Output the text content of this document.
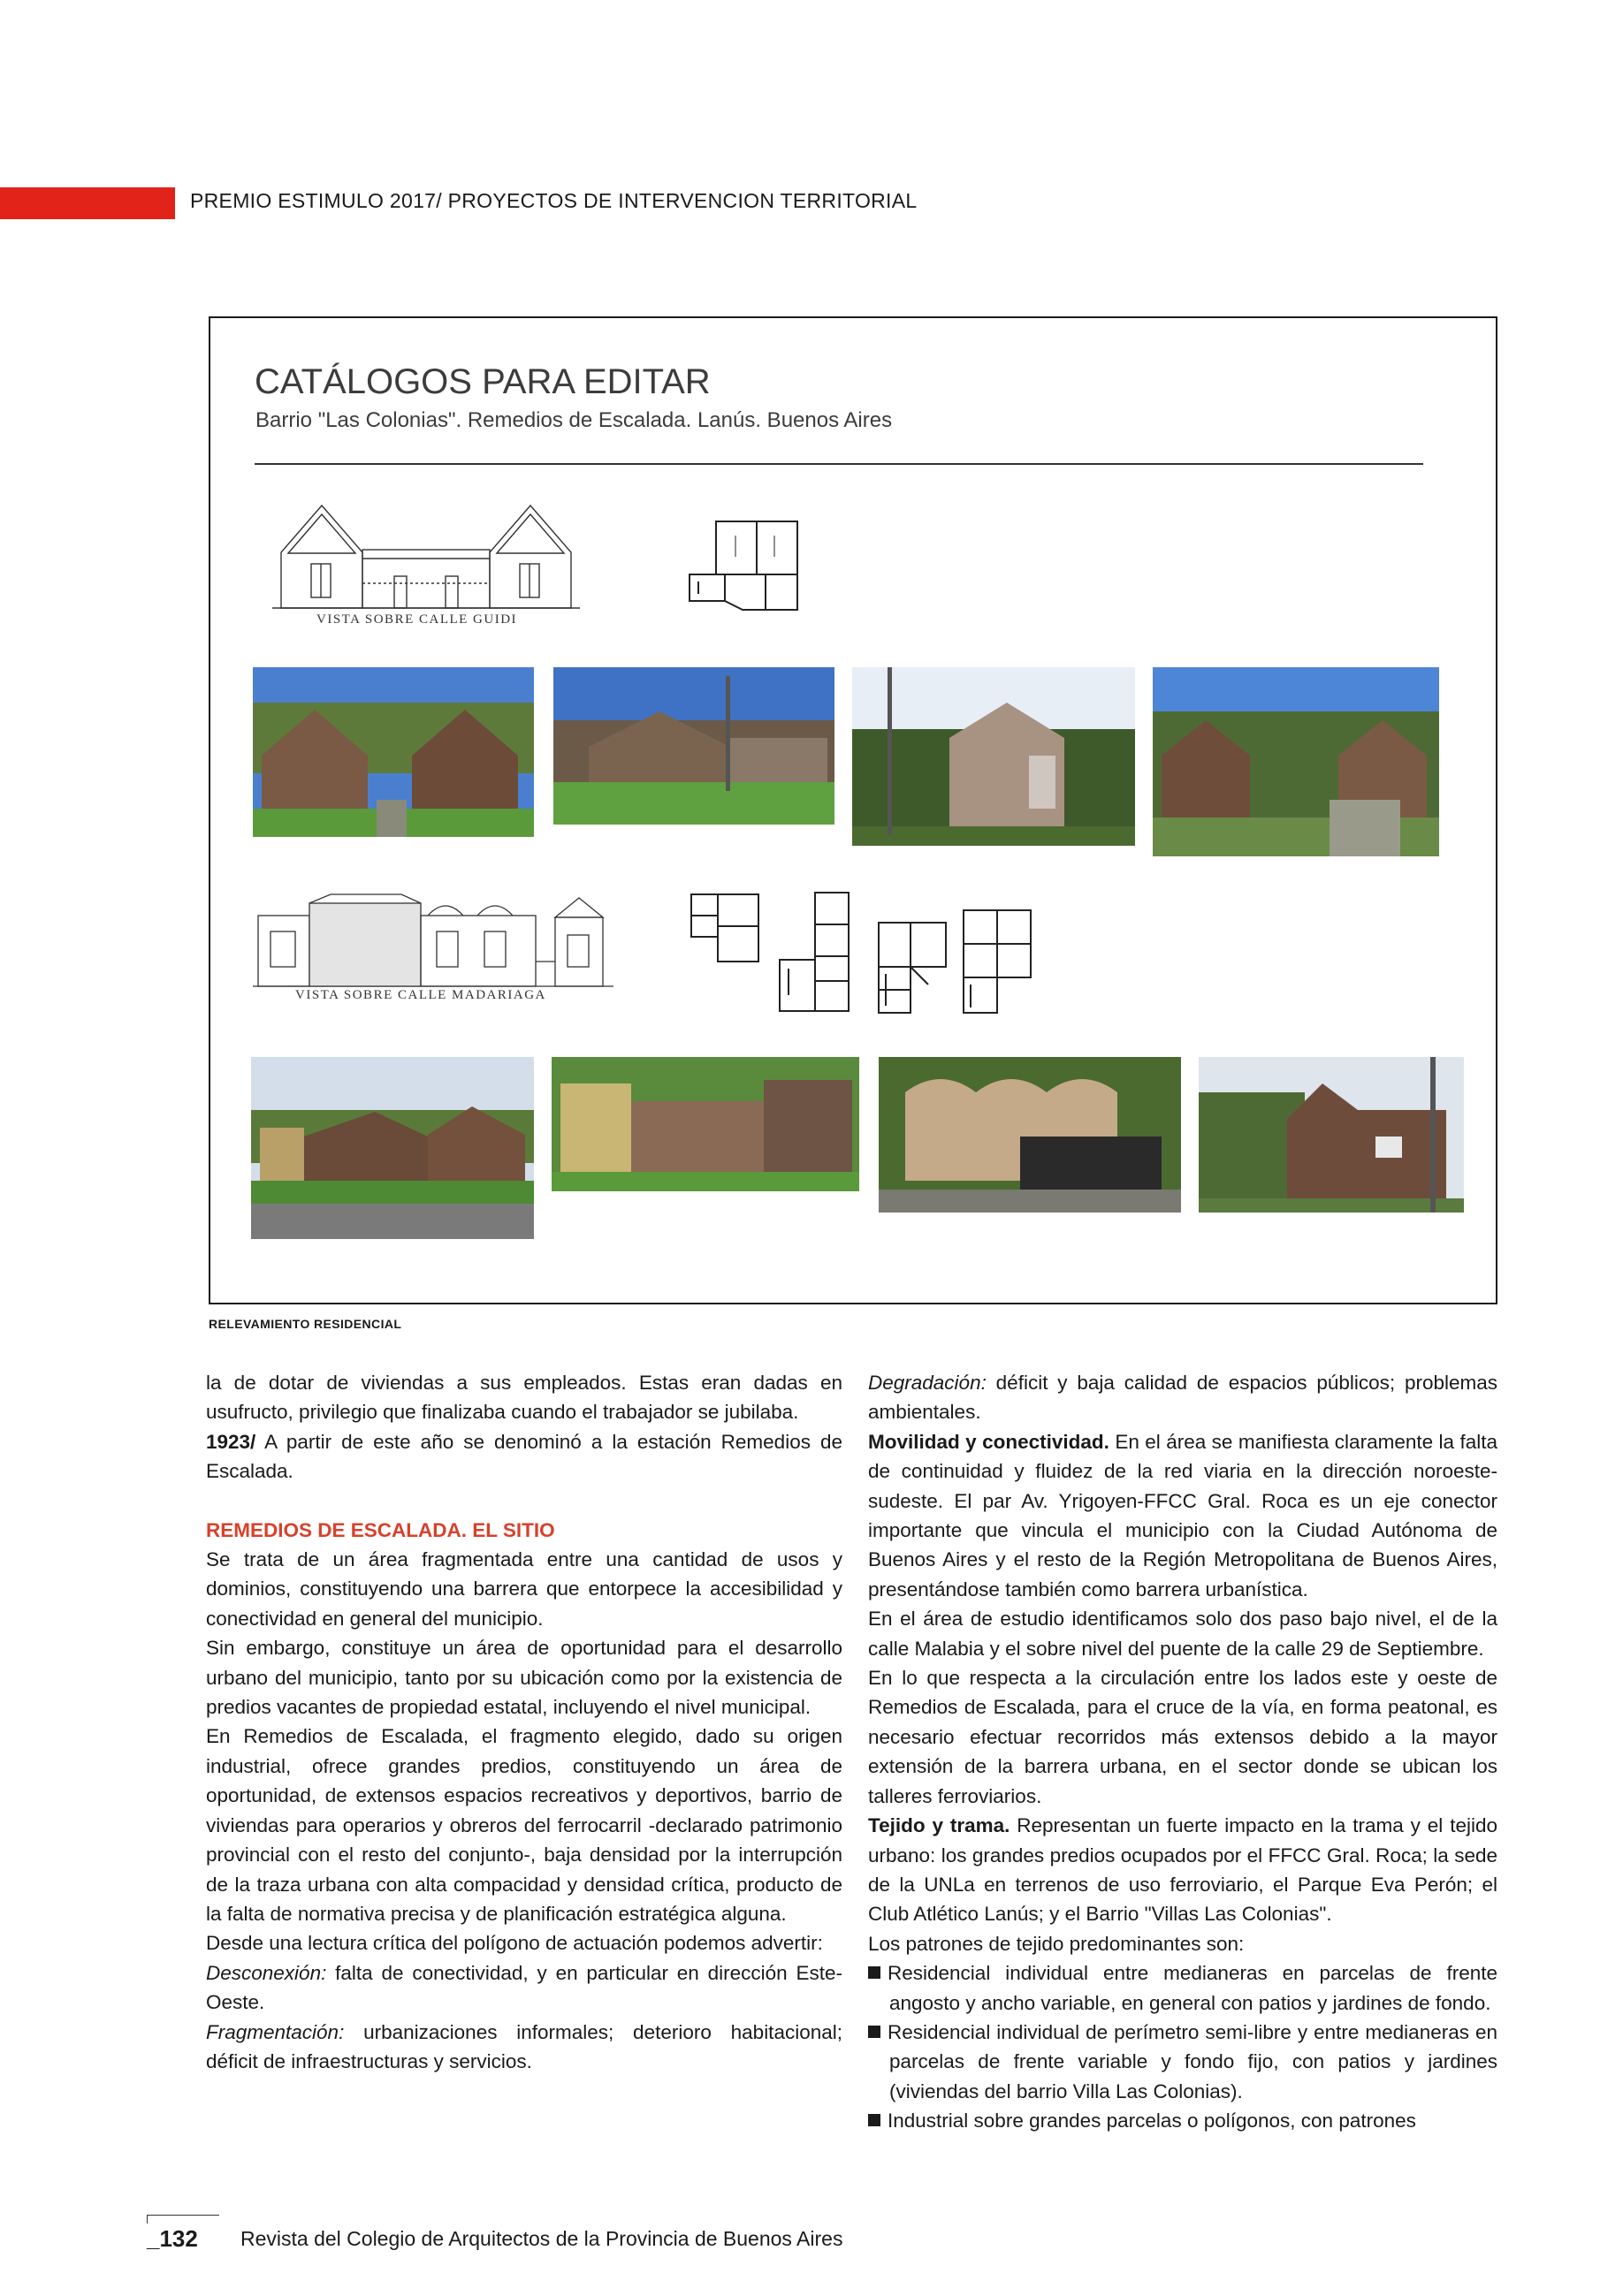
PREMIO ESTIMULO 2017/ PROYECTOS DE INTERVENCION TERRITORIAL
CATÁLOGOS PARA EDITAR
Barrio "Las Colonias". Remedios de Escalada. Lanús. Buenos Aires
VISTA SOBRE CALLE GUIDI
VISTA SOBRE CALLE MADARIAGA
RELEVAMIENTO RESIDENCIAL

la de dotar de viviendas a sus empleados. Estas eran dadas en usufructo, privilegio que finalizaba cuando el trabajador se jubilaba.

1923/ A partir de este año se denominó a la estación Remedios de Escalada.

REMEDIOS DE ESCALADA. EL SITIO

Se trata de un área fragmentada entre una cantidad de usos y dominios, constituyendo una barrera que entorpece la accesibilidad y conectividad en general del municipio.

Sin embargo, constituye un área de oportunidad para el desarrollo urbano del municipio, tanto por su ubicación como por la existencia de predios vacantes de propiedad estatal, incluyendo el nivel municipal.

En Remedios de Escalada, el fragmento elegido, dado su origen industrial, ofrece grandes predios, constituyendo un área de oportunidad, de extensos espacios recreativos y deportivos, barrio de viviendas para operarios y obreros del ferrocarril -declarado patrimonio provincial con el resto del conjunto-, baja densidad por la interrupción de la traza urbana con alta compacidad y densidad crítica, producto de la falta de normativa precisa y de planificación estratégica alguna.

Desde una lectura crítica del polígono de actuación podemos advertir:

Desconexión: falta de conectividad, y en particular en dirección Este-Oeste.

Fragmentación: urbanizaciones informales; deterioro habitacional; déficit de infraestructuras y servicios.

Degradación: déficit y baja calidad de espacios públicos; problemas ambientales.

Movilidad y conectividad. En el área se manifiesta claramente la falta de continuidad y fluidez de la red viaria en la dirección noroeste-sudeste. El par Av. Yrigoyen-FFCC Gral. Roca es un eje conector importante que vincula el municipio con la Ciudad Autónoma de Buenos Aires y el resto de la Región Metropolitana de Buenos Aires, presentándose también como barrera urbanística.

En el área de estudio identificamos solo dos paso bajo nivel, el de la calle Malabia y el sobre nivel del puente de la calle 29 de Septiembre.

En lo que respecta a la circulación entre los lados este y oeste de Remedios de Escalada, para el cruce de la vía, en forma peatonal, es necesario efectuar recorridos más extensos debido a la mayor extensión de la barrera urbana, en el sector donde se ubican los talleres ferroviarios.

Tejido y trama. Representan un fuerte impacto en la trama y el tejido urbano: los grandes predios ocupados por el FFCC Gral. Roca; la sede de la UNLa en terrenos de uso ferroviario, el Parque Eva Perón; el Club Atlético Lanús; y el Barrio "Villas Las Colonias".

Los patrones de tejido predominantes son:

Residencial individual entre medianeras en parcelas de frente angosto y ancho variable, en general con patios y jardines de fondo.

Residencial individual de perímetro semi-libre y entre medianeras en parcelas de frente variable y fondo fijo, con patios y jardines (viviendas del barrio Villa Las Colonias).

Industrial sobre grandes parcelas o polígonos, con patrones

_132 Revista del Colegio de Arquitectos de la Provincia de Buenos Aires
